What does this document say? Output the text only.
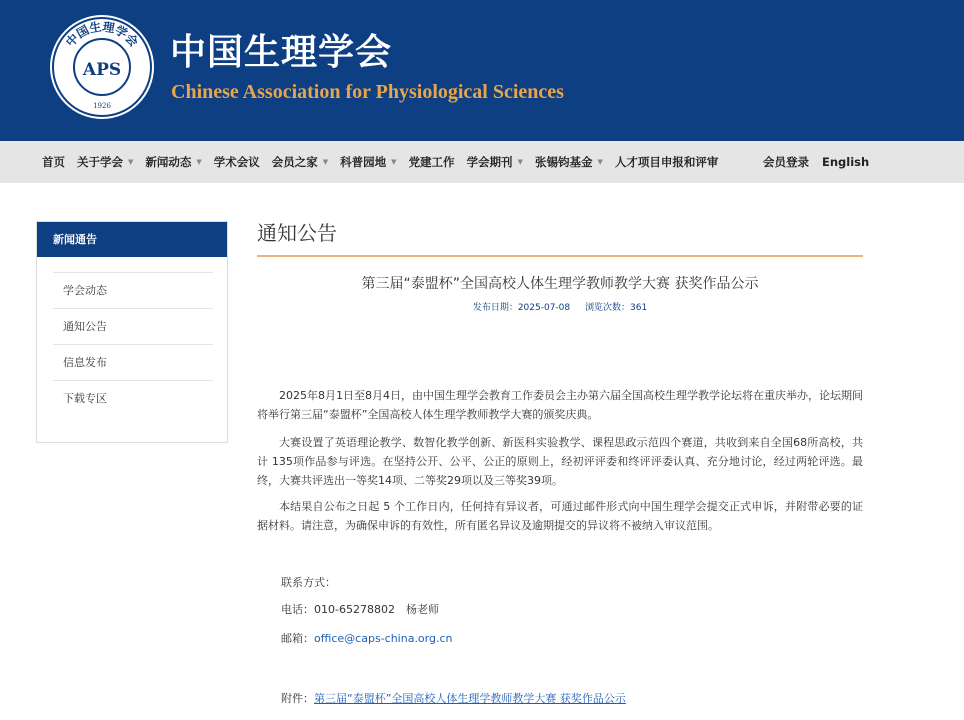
中国生理学会
APS
1926
中国生理学会
Chinese Association for Physiological Sciences
首页 关于学会 ▼ 新闻动态 ▼ 学术会议 会员之家 ▼ 科普园地 ▼ 党建工作 学会期刊 ▼ 张锡钧基金 ▼ 人才项目申报和评审	会员登录 English
新闻通告
学会动态
通知公告
信息发布
下载专区
通知公告
第三届“泰盟杯”全国高校人体生理学教师教学大赛 获奖作品公示
发布日期：2025-07-08 浏览次数：361

2025年8月1日至8月4日，由中国生理学会教育工作委员会主办第六届全国高校生理学教学论坛将在重庆举办，论坛期间将举行第三届“泰盟杯”全国高校人体生理学教师教学大赛的颁奖庆典。

大赛设置了英语理论教学、数智化教学创新、新医科实验教学、课程思政示范四个赛道，共收到来自全国68所高校，共计 135项作品参与评选。在坚持公开、公平、公正的原则上，经初评评委和终评评委认真、充分地讨论，经过两轮评选。最终，大赛共评选出一等奖14项、二等奖29项以及三等奖39项。

本结果自公布之日起 5 个工作日内，任何持有异议者，可通过邮件形式向中国生理学会提交正式申诉，并附带必要的证据材料。请注意，为确保申诉的有效性，所有匿名异议及逾期提交的异议将不被纳入审议范围。

联系方式：
电话：010-65278802　杨老师
邮箱：office@caps-china.org.cn
附件：第三届“泰盟杯”全国高校人体生理学教师教学大赛 获奖作品公示
